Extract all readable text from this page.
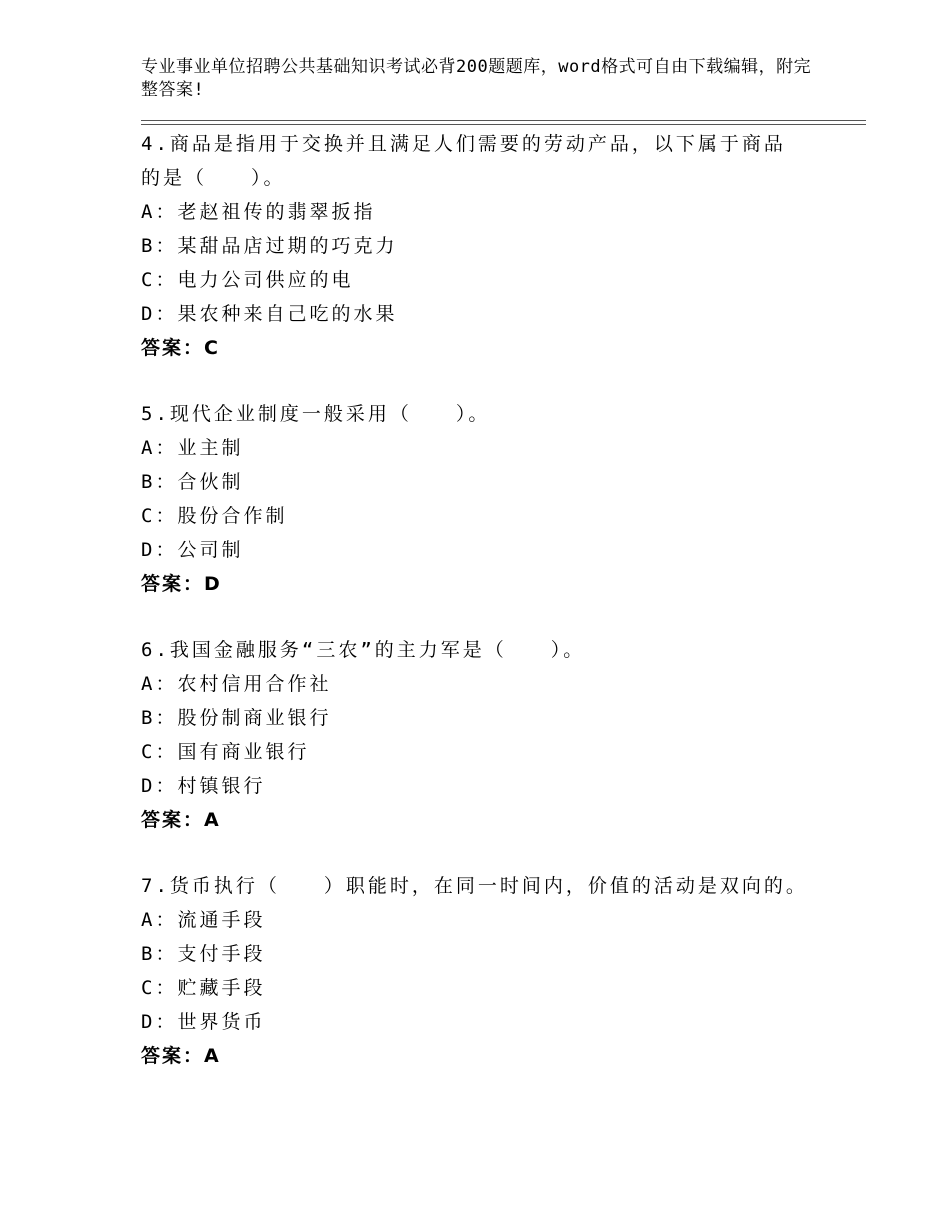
专业事业单位招聘公共基础知识考试必背200题题库，word格式可自由下载编辑，附完整答案!
4.商品是指用于交换并且满足人们需要的劳动产品，以下属于商品的是（　　）。
A：老赵祖传的翡翠扳指
B：某甜品店过期的巧克力
C：电力公司供应的电
D：果农种来自己吃的水果
答案：C
5.现代企业制度一般采用（　　）。
A：业主制
B：合伙制
C：股份合作制
D：公司制
答案：D
6.我国金融服务“三农”的主力军是（　　）。
A：农村信用合作社
B：股份制商业银行
C：国有商业银行
D：村镇银行
答案：A
7.货币执行（　　）职能时，在同一时间内，价值的活动是双向的。
A：流通手段
B：支付手段
C：贮藏手段
D：世界货币
答案：A
